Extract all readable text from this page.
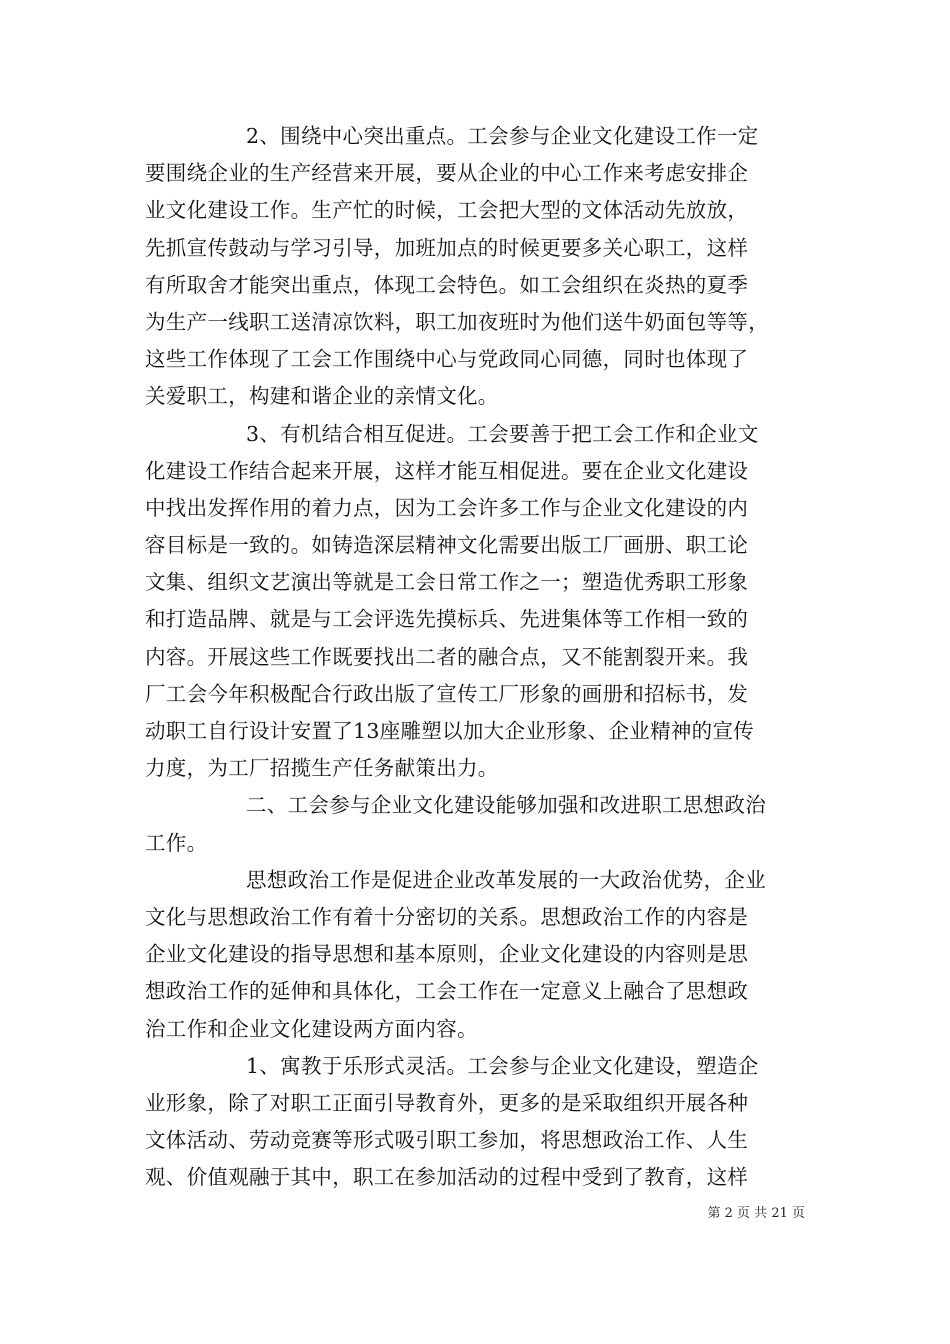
2、围绕中心突出重点。工会参与企业文化建设工作一定
要围绕企业的生产经营来开展，要从企业的中心工作来考虑安排企
业文化建设工作。生产忙的时候，工会把大型的文体活动先放放，
先抓宣传鼓动与学习引导，加班加点的时候更要多关心职工，这样
有所取舍才能突出重点，体现工会特色。如工会组织在炎热的夏季
为生产一线职工送清凉饮料，职工加夜班时为他们送牛奶面包等等，
这些工作体现了工会工作围绕中心与党政同心同德，同时也体现了
关爱职工，构建和谐企业的亲情文化。
3、有机结合相互促进。工会要善于把工会工作和企业文
化建设工作结合起来开展，这样才能互相促进。要在企业文化建设
中找出发挥作用的着力点，因为工会许多工作与企业文化建设的内
容目标是一致的。如铸造深层精神文化需要出版工厂画册、职工论
文集、组织文艺演出等就是工会日常工作之一；塑造优秀职工形象
和打造品牌、就是与工会评选先摸标兵、先进集体等工作相一致的
内容。开展这些工作既要找出二者的融合点，又不能割裂开来。我
厂工会今年积极配合行政出版了宣传工厂形象的画册和招标书，发
动职工自行设计安置了13座雕塑以加大企业形象、企业精神的宣传
力度，为工厂招揽生产任务献策出力。
二、工会参与企业文化建设能够加强和改进职工思想政治
工作。
思想政治工作是促进企业改革发展的一大政治优势，企业
文化与思想政治工作有着十分密切的关系。思想政治工作的内容是
企业文化建设的指导思想和基本原则，企业文化建设的内容则是思
想政治工作的延伸和具体化，工会工作在一定意义上融合了思想政
治工作和企业文化建设两方面内容。
1、寓教于乐形式灵活。工会参与企业文化建设，塑造企
业形象，除了对职工正面引导教育外，更多的是采取组织开展各种
文体活动、劳动竞赛等形式吸引职工参加，将思想政治工作、人生
观、价值观融于其中，职工在参加活动的过程中受到了教育，这样
第 2 页 共 21 页
